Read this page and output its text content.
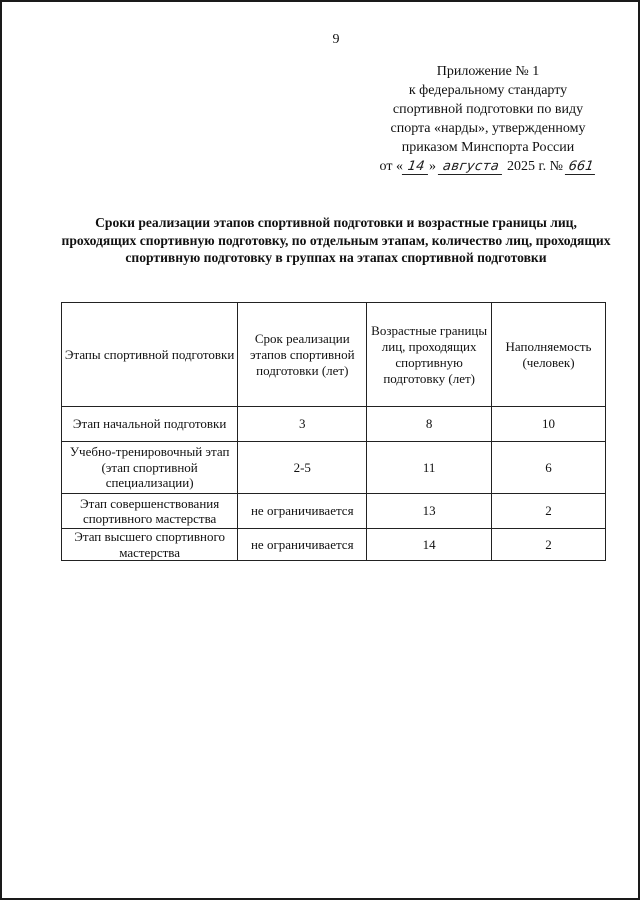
9
Приложение № 1
к федеральному стандарту
спортивной подготовки по виду
спорта «нарды», утвержденному
приказом Минспорта России
от « 14 » августа 2025 г. № 661
Сроки реализации этапов спортивной подготовки и возрастные границы лиц, проходящих спортивную подготовку, по отдельным этапам, количество лиц, проходящих спортивную подготовку в группах на этапах спортивной подготовки
Этапы спортивной подготовки	Срок реализации этапов спортивной подготовки (лет)	Возрастные границы лиц, проходящих спортивную подготовку (лет)	Наполняемость (человек)
Этап начальной подготовки	3	8	10
Учебно-тренировочный этап (этап спортивной специализации)	2-5	11	6
Этап совершенствования спортивного мастерства	не ограничивается	13	2
Этап высшего спортивного мастерства	не ограничивается	14	2
